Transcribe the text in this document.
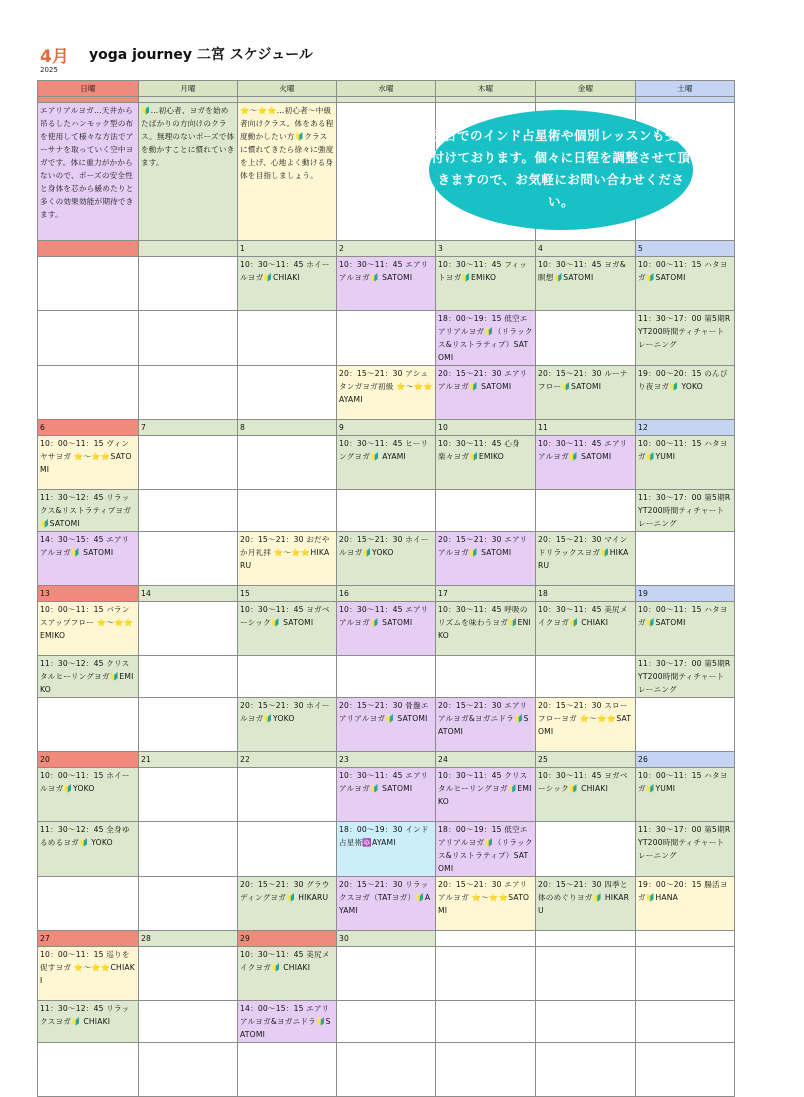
4月 yoga journey 二宮 スケジュール
2025
日曜	月曜	火曜	水曜	木曜	金曜	土曜

エアリアルヨガ…天井から吊るしたハンモック型の布を使用して様々な方法でアーサナを取っていく空中ヨガです。体に重力がかからないので、ポーズの安全性と身体を芯から緩めたりと多くの効果効能が期待できます。	🔰…初心者、ヨガを始めたばかりの方向けのクラス。無理のないポーズで体を動かすことに慣れていきます。	⭐〜⭐⭐…初心者〜中級者向けクラス。体をある程度動かしたい方🔰クラスに慣れてきたら徐々に強度を上げ、心地よく動ける身体を目指しましょう。				
		1	2	3	4	5
		10：30〜11：45 ホイールヨガ🔰CHIAKI	10：30〜11：45 エアリアルヨガ🔰 SATOMI	10：30〜11：45 フィットヨガ🔰EMIKO	10：30〜11：45 ヨガ&瞑想🔰SATOMI	10：00〜11：15 ハタヨガ🔰SATOMI
				18：00〜19：15 低空エアリアルヨガ🔰（リラックス&リストラティブ）SATOMI		11：30〜17：00 第5期RYT200時間ティチャートレーニング
			20：15〜21：30 アシュタンガヨガ初級 ⭐〜⭐⭐AYAMI	20：15〜21：30 エアリアルヨガ🔰 SATOMI	20：15〜21：30 ルーナフロー🔰SATOMI	19：00〜20：15 のんびり夜ヨガ🔰 YOKO
6	7	8	9	10	11	12
10：00〜11：15 ヴィンヤサヨガ ⭐〜⭐⭐SATOMI			10：30〜11：45 ヒーリングヨガ🔰 AYAMI	10：30〜11：45 心身楽々ヨガ🔰EMIKO	10：30〜11：45 エアリアルヨガ🔰 SATOMI	10：00〜11：15 ハタヨガ🔰YUMI
11：30〜12：45 リラックス&リストラティブヨガ🔰SATOMI						11：30〜17：00 第5期RYT200時間ティチャートレーニング
14：30〜15：45 エアリアルヨガ🔰 SATOMI		20：15〜21：30 おだやか月礼拝 ⭐〜⭐⭐HIKARU	20：15〜21：30 ホイールヨガ🔰YOKO	20：15〜21：30 エアリアルヨガ🔰 SATOMI	20：15〜21：30 マインドリラックスヨガ🔰HIKARU	
13	14	15	16	17	18	19
10：00〜11：15 バランスアップフロー ⭐〜⭐⭐EMIKO		10：30〜11：45 ヨガベーシック🔰 SATOMI	10：30〜11：45 エアリアルヨガ🔰 SATOMI	10：30〜11：45 呼吸のリズムを味わうヨガ🔰ENIKO	10：30〜11：45 美尻メイクヨガ🔰 CHIAKI	10：00〜11：15 ハタヨガ🔰SATOMI
11：30〜12：45 クリスタルヒーリングヨガ🔰EMIKO						11：30〜17：00 第5期RYT200時間ティチャートレーニング
		20：15〜21：30 ホイールヨガ🔰YOKO	20：15〜21：30 骨盤エアリアルヨガ🔰 SATOMI	20：15〜21：30 エアリアルヨガ&ヨガニドラ🔰SATOMI	20：15〜21：30 スローフローヨガ ⭐〜⭐⭐SATOMI	
20	21	22	23	24	25	26
10：00〜11：15 ホイールヨガ🔰YOKO			10：30〜11：45 エアリアルヨガ🔰 SATOMI	10：30〜11：45 クリスタルヒーリングヨガ🔰EMIKO	10：30〜11：45 ヨガベーシック🔰 CHIAKI	10：00〜11：15 ハタヨガ🔰YUMI
11：30〜12：45 全身ゆるめるヨガ🔰 YOKO			18：00〜19：30 インド占星術🔯AYAMI	18：00〜19：15 低空エアリアルヨガ🔰（リラックス&リストラティブ）SATOMI		11：30〜17：00 第5期RYT200時間ティチャートレーニング
		20：15〜21：30 グラウディングヨガ🔰 HIKARU	20：15〜21：30 リラックスヨガ（TATヨガ）🔰AYAMI	20：15〜21：30 エアリアルヨガ ⭐〜⭐⭐SATOMI	20：15〜21：30 四季と体のめぐりヨガ🔰 HIKARU	19：00〜20：15 腸活ヨガ🔰HANA
27	28	29	30			
10：00〜11：15 巡りを促すヨガ ⭐〜⭐⭐CHIAKI		10：30〜11：45 美尻メイクヨガ🔰 CHIAKI				
11：30〜12：45 リラックスヨガ🔰 CHIAKI		14：00〜15：15 エアリアルヨガ&ヨガニドラ🔰SATOMI				

別日でのインド占星術や個別レッスンも受け付けております。個々に日程を調整させて頂きますので、お気軽にお問い合わせください。
